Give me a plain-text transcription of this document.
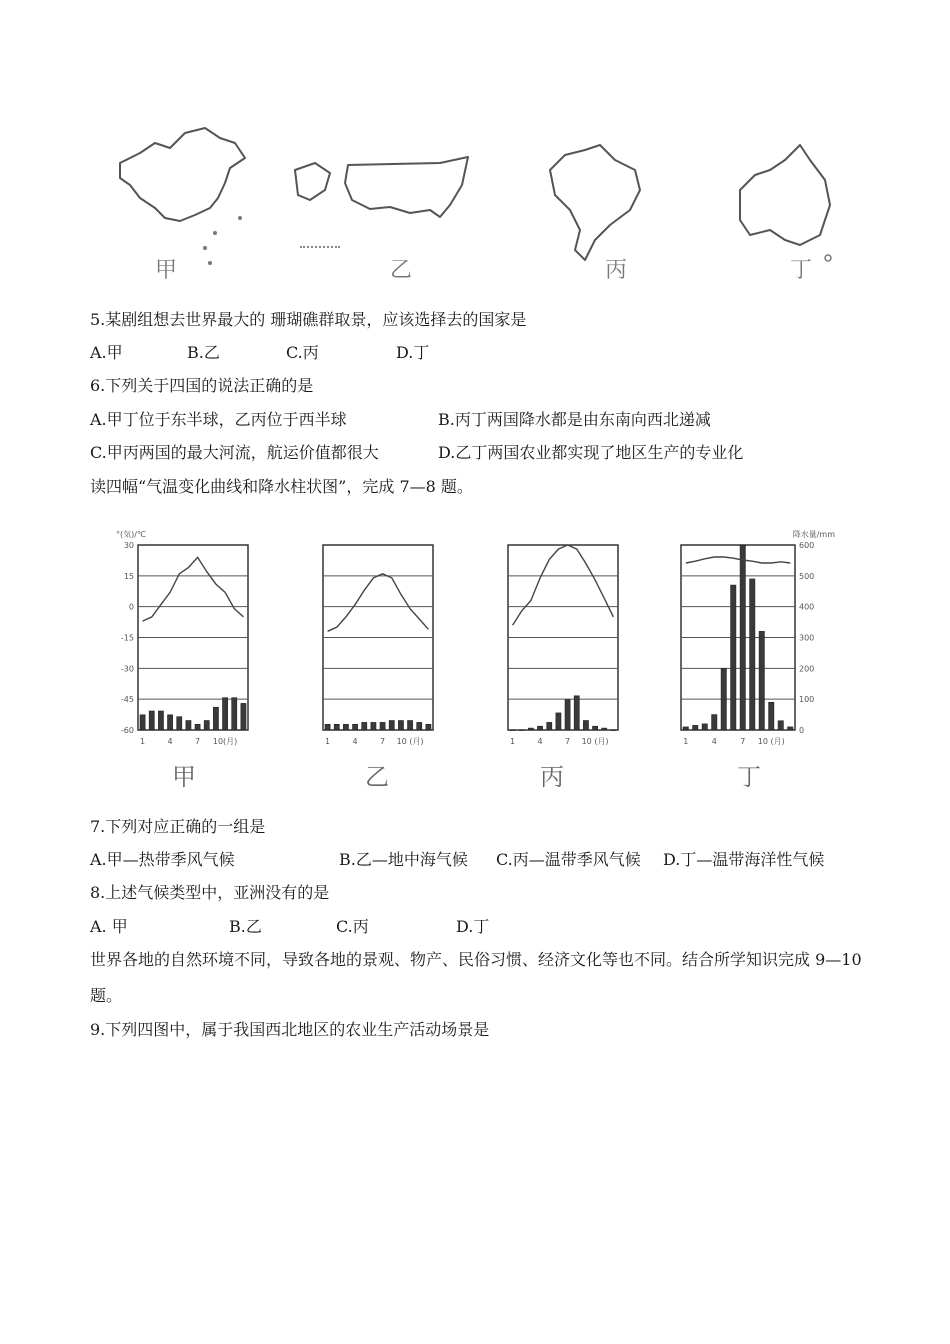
甲	乙	丙	丁
5.某剧组想去世界最大的 珊瑚礁群取景，应该选择去的国家是
A.甲	B.乙	C.丙	D.丁
6.下列关于四国的说法正确的是
A.甲丁位于东半球，乙丙位于西半球	B.丙丁两国降水都是由东南向西北递减
C.甲丙两国的最大河流，航运价值都很大	D.乙丁两国农业都实现了地区生产的专业化
读四幅“气温变化曲线和降水柱状图”，完成 7—8 题。
°(気)/℃
30
15
0
-15
-30
-45
-60
1	4	7 10(月)
甲
1	4	7 10 (月)
乙
1	4	7 10 (月)
丙
降水量/mm
600
500
400
300
200
100
0
1	4	7 10 (月)
丁
7.下列对应正确的一组是
A.甲—热带季风气候	B.乙—地中海气候 C.丙—温带季风气候 D.丁—温带海洋性气候
8.上述气候类型中，亚洲没有的是
A. 甲	B.乙	C.丙	D.丁
世界各地的自然环境不同，导致各地的景观、物产、民俗习惯、经济文化等也不同。结合所学知识完成 9—10
题。
9.下列四图中，属于我国西北地区的农业生产活动场景是
